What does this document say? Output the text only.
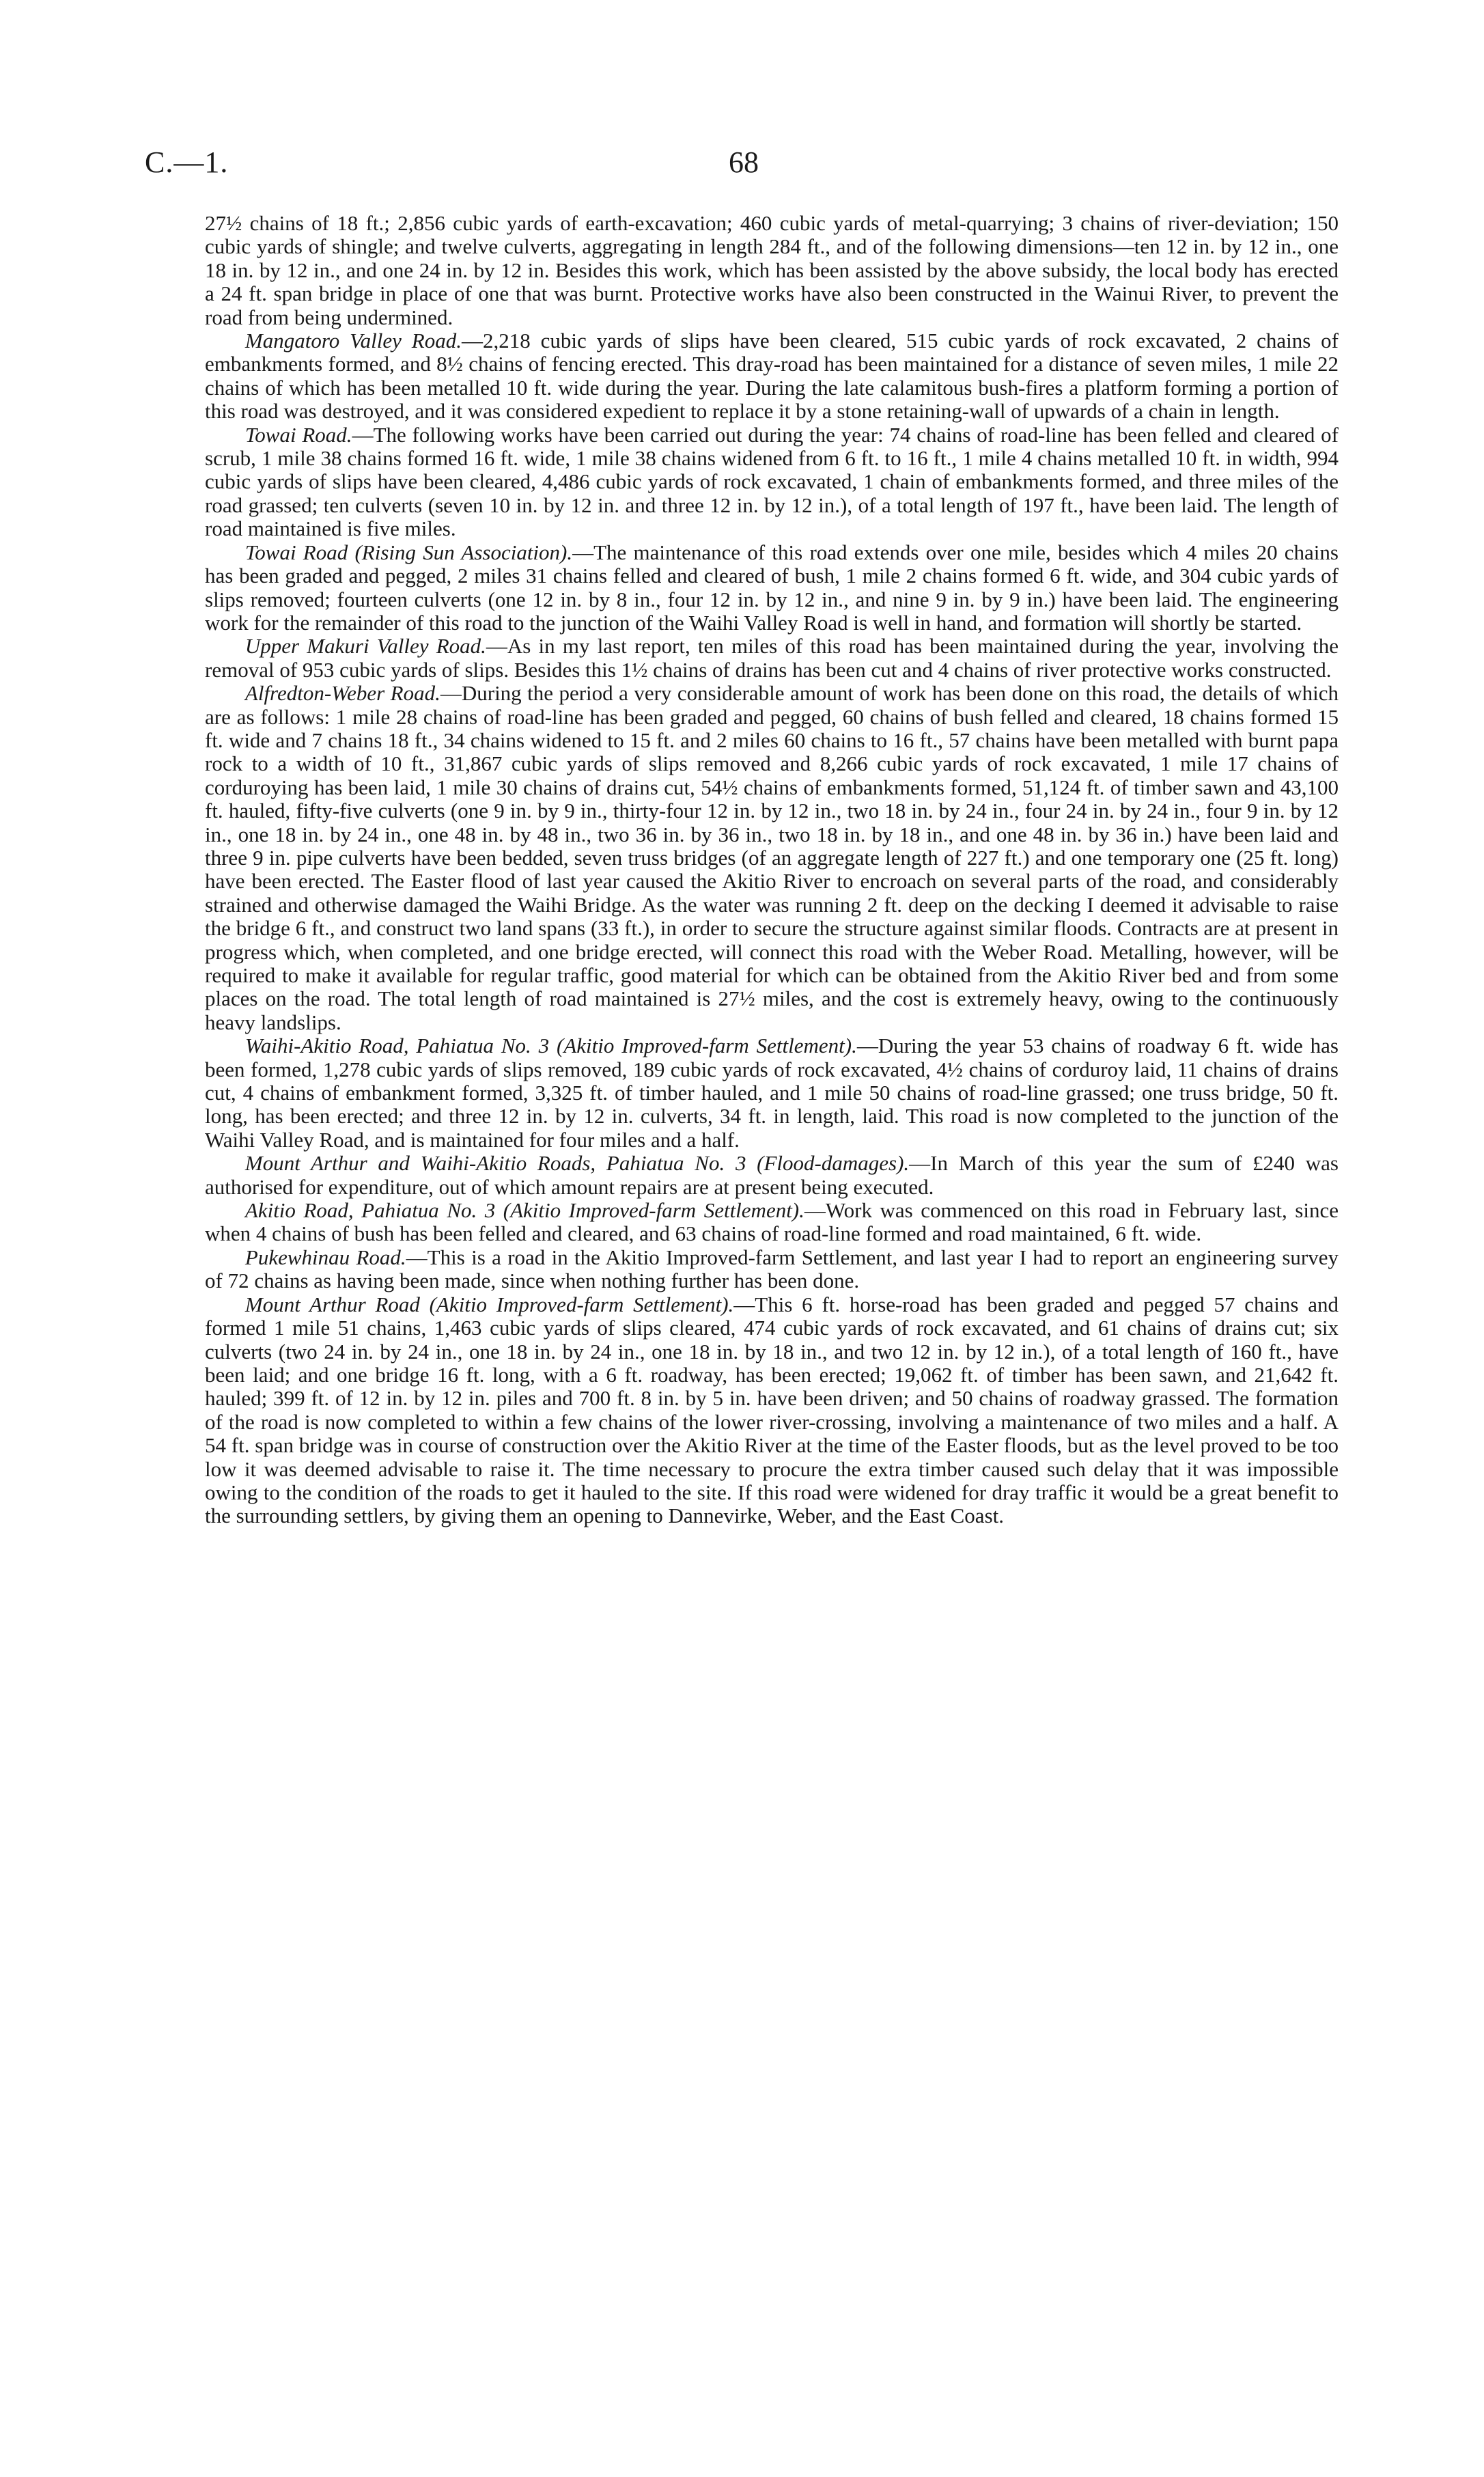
C.—1.	68

27½ chains of 18 ft.; 2,856 cubic yards of earth-excavation; 460 cubic yards of metal-quarrying; 3 chains of river-deviation; 150 cubic yards of shingle; and twelve culverts, aggregating in length 284 ft., and of the following dimensions—ten 12 in. by 12 in., one 18 in. by 12 in., and one 24 in. by 12 in. Besides this work, which has been assisted by the above subsidy, the local body has erected a 24 ft. span bridge in place of one that was burnt. Protective works have also been constructed in the Wainui River, to prevent the road from being undermined.

Mangatoro Valley Road.—2,218 cubic yards of slips have been cleared, 515 cubic yards of rock excavated, 2 chains of embankments formed, and 8½ chains of fencing erected. This dray-road has been maintained for a distance of seven miles, 1 mile 22 chains of which has been metalled 10 ft. wide during the year. During the late calamitous bush-fires a platform forming a portion of this road was destroyed, and it was considered expedient to replace it by a stone retaining-wall of upwards of a chain in length.

Towai Road.—The following works have been carried out during the year: 74 chains of road-line has been felled and cleared of scrub, 1 mile 38 chains formed 16 ft. wide, 1 mile 38 chains widened from 6 ft. to 16 ft., 1 mile 4 chains metalled 10 ft. in width, 994 cubic yards of slips have been cleared, 4,486 cubic yards of rock excavated, 1 chain of embankments formed, and three miles of the road grassed; ten culverts (seven 10 in. by 12 in. and three 12 in. by 12 in.), of a total length of 197 ft., have been laid. The length of road maintained is five miles.

Towai Road (Rising Sun Association).—The maintenance of this road extends over one mile, besides which 4 miles 20 chains has been graded and pegged, 2 miles 31 chains felled and cleared of bush, 1 mile 2 chains formed 6 ft. wide, and 304 cubic yards of slips removed; fourteen culverts (one 12 in. by 8 in., four 12 in. by 12 in., and nine 9 in. by 9 in.) have been laid. The engineering work for the remainder of this road to the junction of the Waihi Valley Road is well in hand, and formation will shortly be started.

Upper Makuri Valley Road.—As in my last report, ten miles of this road has been maintained during the year, involving the removal of 953 cubic yards of slips. Besides this 1½ chains of drains has been cut and 4 chains of river protective works constructed.

Alfredton-Weber Road.—During the period a very considerable amount of work has been done on this road, the details of which are as follows: 1 mile 28 chains of road-line has been graded and pegged, 60 chains of bush felled and cleared, 18 chains formed 15 ft. wide and 7 chains 18 ft., 34 chains widened to 15 ft. and 2 miles 60 chains to 16 ft., 57 chains have been metalled with burnt papa rock to a width of 10 ft., 31,867 cubic yards of slips removed and 8,266 cubic yards of rock excavated, 1 mile 17 chains of corduroying has been laid, 1 mile 30 chains of drains cut, 54½ chains of embankments formed, 51,124 ft. of timber sawn and 43,100 ft. hauled, fifty-five culverts (one 9 in. by 9 in., thirty-four 12 in. by 12 in., two 18 in. by 24 in., four 24 in. by 24 in., four 9 in. by 12 in., one 18 in. by 24 in., one 48 in. by 48 in., two 36 in. by 36 in., two 18 in. by 18 in., and one 48 in. by 36 in.) have been laid and three 9 in. pipe culverts have been bedded, seven truss bridges (of an aggregate length of 227 ft.) and one temporary one (25 ft. long) have been erected. The Easter flood of last year caused the Akitio River to encroach on several parts of the road, and considerably strained and otherwise damaged the Waihi Bridge. As the water was running 2 ft. deep on the decking I deemed it advisable to raise the bridge 6 ft., and construct two land spans (33 ft.), in order to secure the structure against similar floods. Contracts are at present in progress which, when completed, and one bridge erected, will connect this road with the Weber Road. Metalling, however, will be required to make it available for regular traffic, good material for which can be obtained from the Akitio River bed and from some places on the road. The total length of road maintained is 27½ miles, and the cost is extremely heavy, owing to the continuously heavy landslips.

Waihi-Akitio Road, Pahiatua No. 3 (Akitio Improved-farm Settlement).—During the year 53 chains of roadway 6 ft. wide has been formed, 1,278 cubic yards of slips removed, 189 cubic yards of rock excavated, 4½ chains of corduroy laid, 11 chains of drains cut, 4 chains of embankment formed, 3,325 ft. of timber hauled, and 1 mile 50 chains of road-line grassed; one truss bridge, 50 ft. long, has been erected; and three 12 in. by 12 in. culverts, 34 ft. in length, laid. This road is now completed to the junction of the Waihi Valley Road, and is maintained for four miles and a half.

Mount Arthur and Waihi-Akitio Roads, Pahiatua No. 3 (Flood-damages).—In March of this year the sum of £240 was authorised for expenditure, out of which amount repairs are at present being executed.

Akitio Road, Pahiatua No. 3 (Akitio Improved-farm Settlement).—Work was commenced on this road in February last, since when 4 chains of bush has been felled and cleared, and 63 chains of road-line formed and road maintained, 6 ft. wide.

Pukewhinau Road.—This is a road in the Akitio Improved-farm Settlement, and last year I had to report an engineering survey of 72 chains as having been made, since when nothing further has been done.

Mount Arthur Road (Akitio Improved-farm Settlement).—This 6 ft. horse-road has been graded and pegged 57 chains and formed 1 mile 51 chains, 1,463 cubic yards of slips cleared, 474 cubic yards of rock excavated, and 61 chains of drains cut; six culverts (two 24 in. by 24 in., one 18 in. by 24 in., one 18 in. by 18 in., and two 12 in. by 12 in.), of a total length of 160 ft., have been laid; and one bridge 16 ft. long, with a 6 ft. roadway, has been erected; 19,062 ft. of timber has been sawn, and 21,642 ft. hauled; 399 ft. of 12 in. by 12 in. piles and 700 ft. 8 in. by 5 in. have been driven; and 50 chains of roadway grassed. The formation of the road is now completed to within a few chains of the lower river-crossing, involving a maintenance of two miles and a half. A 54 ft. span bridge was in course of construction over the Akitio River at the time of the Easter floods, but as the level proved to be too low it was deemed advisable to raise it. The time necessary to procure the extra timber caused such delay that it was impossible owing to the condition of the roads to get it hauled to the site. If this road were widened for dray traffic it would be a great benefit to the surrounding settlers, by giving them an opening to Dannevirke, Weber, and the East Coast.
